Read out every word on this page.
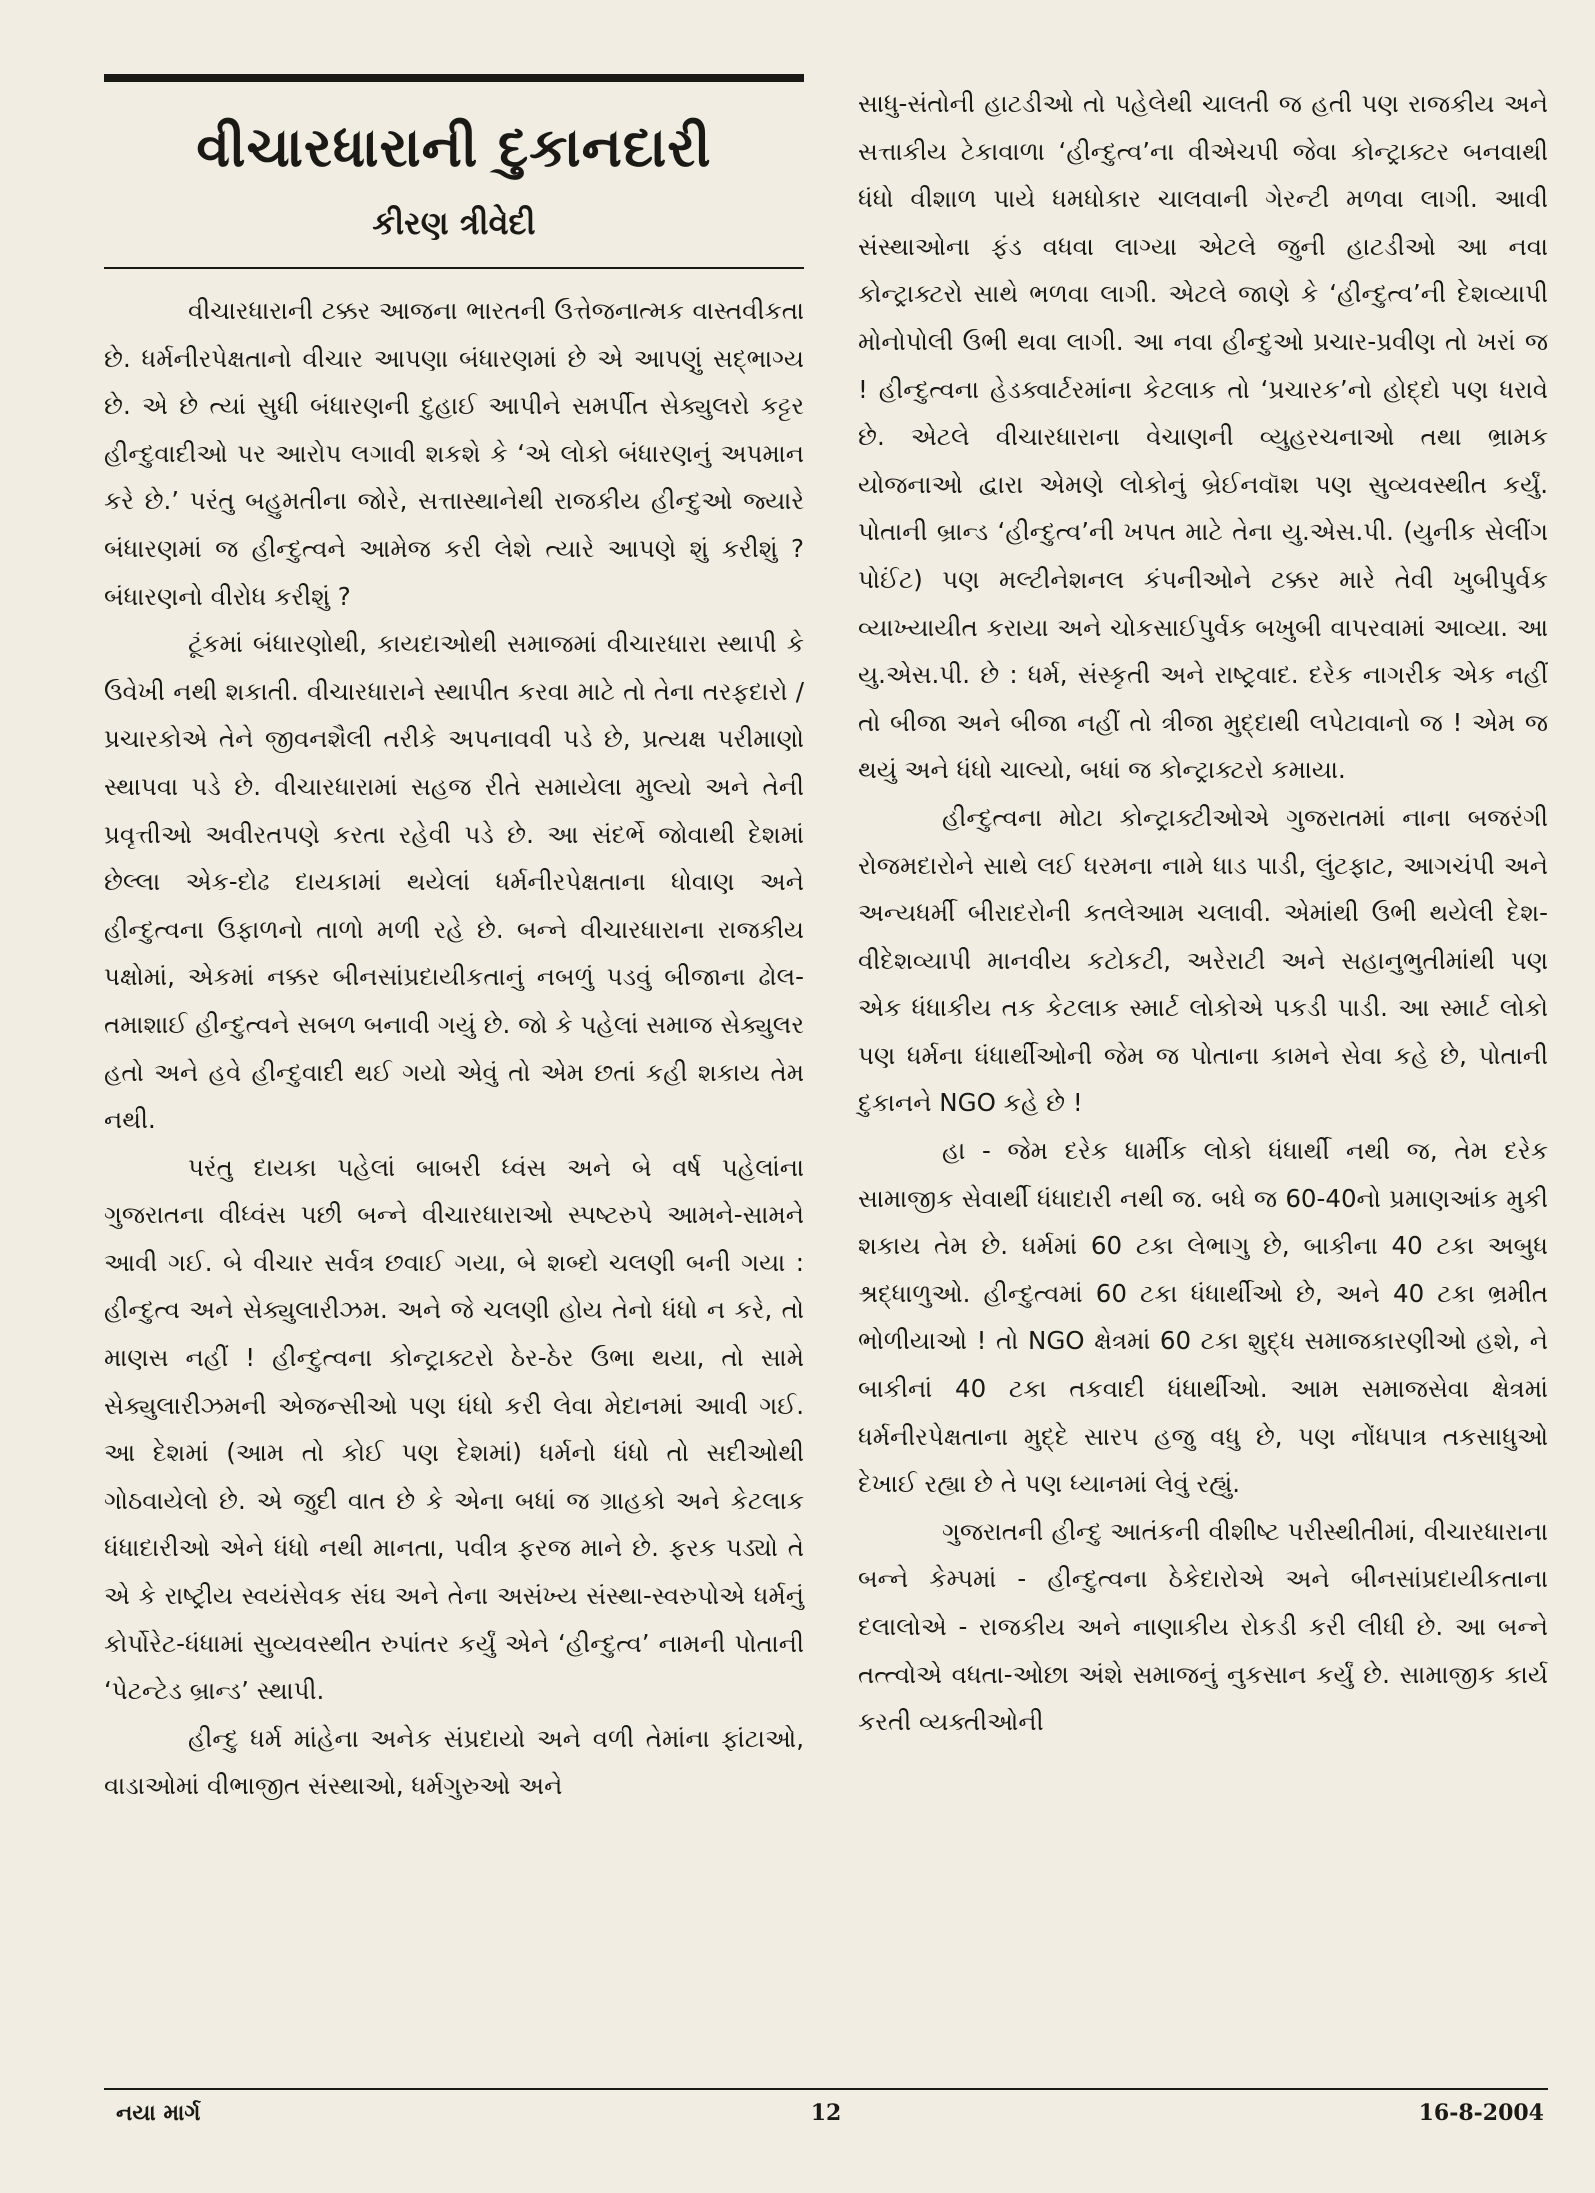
વીચારધારાની દુકાનદારી
કીરણ ત્રીવેદી

વીચારધારાની ટક્કર આજના ભારતની ઉત્તેજનાત્મક વાસ્તવીકતા છે. ધર્મનીરપેક્ષતાનો વીચાર આપણા બંધારણમાં છે એ આપણું સદ્ભાગ્ય છે. એ છે ત્યાં સુધી બંધારણની દુહાઈ આપીને સમર્પીત સેક્યુલરો કટ્ટર હીન્દુવાદીઓ પર આરોપ લગાવી શકશે કે ‘એ લોકો બંધારણનું અપમાન કરે છે.’ પરંતુ બહુમતીના જોરે, સત્તાસ્થાનેથી રાજકીય હીન્દુઓ જ્યારે બંધારણમાં જ હીન્દુત્વને આમેજ કરી લેશે ત્યારે આપણે શું કરીશું ? બંધારણનો વીરોધ કરીશું ?

ટૂંકમાં બંધારણોથી, કાયદાઓથી સમાજમાં વીચારધારા સ્થાપી કે ઉવેખી નથી શકાતી. વીચારધારાને સ્થાપીત કરવા માટે તો તેના તરફદારો / પ્રચારકોએ તેને જીવનશૈલી તરીકે અપનાવવી પડે છે, પ્રત્યક્ષ પરીમાણો સ્થાપવા પડે છે. વીચારધારામાં સહજ રીતે સમાયેલા મુલ્યો અને તેની પ્રવૃત્તીઓ અવીરતપણે કરતા રહેવી પડે છે. આ સંદર્ભે જોવાથી દેશમાં છેલ્લા એક-દોઢ દાયકામાં થયેલાં ધર્મનીરપેક્ષતાના ધોવાણ અને હીન્દુત્વના ઉફાળનો તાળો મળી રહે છે. બન્ને વીચારધારાના રાજકીય પક્ષોમાં, એકમાં નક્કર બીનસાંપ્રદાયીકતાનું નબળું પડવું બીજાના ઢોલ-તમાશાઈ હીન્દુત્વને સબળ બનાવી ગયું છે. જો કે પહેલાં સમાજ સેક્યુલર હતો અને હવે હીન્દુવાદી થઈ ગયો એવું તો એમ છતાં કહી શકાય તેમ નથી.

પરંતુ દાયકા પહેલાં બાબરી ધ્વંસ અને બે વર્ષ પહેલાંના ગુજરાતના વીધ્વંસ પછી બન્ને વીચારધારાઓ સ્પષ્ટરુપે આમને-સામને આવી ગઈ. બે વીચાર સર્વત્ર છવાઈ ગયા, બે શબ્દો ચલણી બની ગયા : હીન્દુત્વ અને સેક્યુલારીઝમ. અને જે ચલણી હોય તેનો ધંધો ન કરે, તો માણસ નહીં ! હીન્દુત્વના કોન્ટ્રાક્ટરો ઠેર-ઠેર ઉભા થયા, તો સામે સેક્યુલારીઝમની એજન્સીઓ પણ ધંધો કરી લેવા મેદાનમાં આવી ગઈ. આ દેશમાં (આમ તો કોઈ પણ દેશમાં) ધર્મનો ધંધો તો સદીઓથી ગોઠવાયેલો છે. એ જુદી વાત છે કે એના બધાં જ ગ્રાહકો અને કેટલાક ધંધાદારીઓ એને ધંધો નથી માનતા, પવીત્ર ફરજ માને છે. ફરક પડ્યો તે એ કે રાષ્ટ્રીય સ્વયંસેવક સંઘ અને તેના અસંખ્ય સંસ્થા-સ્વરુપોએ ધર્મનું કોર્પોરેટ-ધંધામાં સુવ્યવસ્થીત રુપાંતર કર્યું એને ‘હીન્દુત્વ’ નામની પોતાની ‘પેટન્ટેડ બ્રાન્ડ’ સ્થાપી.

હીન્દુ ધર્મ માંહેના અનેક સંપ્રદાયો અને વળી તેમાંના ફાંટાઓ, વાડાઓમાં વીભાજીત સંસ્થાઓ, ધર્મગુરુઓ અને

સાધુ-સંતોની હાટડીઓ તો પહેલેથી ચાલતી જ હતી પણ રાજકીય અને સત્તાકીય ટેકાવાળા ‘હીન્દુત્વ’ના વીએચપી જેવા કોન્ટ્રાક્ટર બનવાથી ધંધો વીશાળ પાયે ધમધોકાર ચાલવાની ગેરન્ટી મળવા લાગી. આવી સંસ્થાઓના ફંડ વધવા લાગ્યા એટલે જુની હાટડીઓ આ નવા કોન્ટ્રાક્ટરો સાથે ભળવા લાગી. એટલે જાણે કે ‘હીન્દુત્વ’ની દેશવ્યાપી મોનોપોલી ઉભી થવા લાગી. આ નવા હીન્દુઓ પ્રચાર-પ્રવીણ તો ખરાં જ ! હીન્દુત્વના હેડક્વાર્ટરમાંના કેટલાક તો ‘પ્રચારક’નો હોદ્દો પણ ધરાવે છે. એટલે વીચારધારાના વેચાણની વ્યુહરચનાઓ તથા ભ્રામક યોજનાઓ દ્વારા એમણે લોકોનું બ્રેઈનવૉશ પણ સુવ્યવસ્થીત કર્યું. પોતાની બ્રાન્ડ ‘હીન્દુત્વ’ની ખપત માટે તેના યુ.એસ.પી. (યુનીક સેલીંગ પોઈંટ) પણ મલ્ટીનેશનલ કંપનીઓને ટક્કર મારે તેવી ખુબીપુર્વક વ્યાખ્યાયીત કરાયા અને ચોકસાઈપુર્વક બખુબી વાપરવામાં આવ્યા. આ યુ.એસ.પી. છે : ધર્મ, સંસ્કૃતી અને રાષ્ટ્રવાદ. દરેક નાગરીક એક નહીં તો બીજા અને બીજા નહીં તો ત્રીજા મુદ્દાથી લપેટાવાનો જ ! એમ જ થયું અને ધંધો ચાલ્યો, બધાં જ કોન્ટ્રાક્ટરો કમાયા.

હીન્દુત્વના મોટા કોન્ટ્રાક્ટીઓએ ગુજરાતમાં નાના બજરંગી રોજમદારોને સાથે લઈ ધરમના નામે ધાડ પાડી, લુંટફાટ, આગચંપી અને અન્યધર્મી બીરાદરોની કતલેઆમ ચલાવી. એમાંથી ઉભી થયેલી દેશ-વીદેશવ્યાપી માનવીય કટોકટી, અરેરાટી અને સહાનુભુતીમાંથી પણ એક ધંધાકીય તક કેટલાક સ્માર્ટ લોકોએ પકડી પાડી. આ સ્માર્ટ લોકો પણ ધર્મના ધંધાર્થીઓની જેમ જ પોતાના કામને સેવા કહે છે, પોતાની દુકાનને NGO કહે છે !

હા - જેમ દરેક ધાર્મીક લોકો ધંધાર્થી નથી જ, તેમ દરેક સામાજીક સેવાર્થી ધંધાદારી નથી જ. બધે જ 60-40નો પ્રમાણઆંક મુકી શકાય તેમ છે. ધર્મમાં 60 ટકા લેભાગુ છે, બાકીના 40 ટકા અબુધ શ્રદ્ધાળુઓ. હીન્દુત્વમાં 60 ટકા ધંધાર્થીઓ છે, અને 40 ટકા ભ્રમીત ભોળીયાઓ ! તો NGO ક્ષેત્રમાં 60 ટકા શુદ્ધ સમાજકારણીઓ હશે, ને બાકીનાં 40 ટકા તકવાદી ધંધાર્થીઓ. આમ સમાજસેવા ક્ષેત્રમાં ધર્મનીરપેક્ષતાના મુદ્દે સારપ હજુ વધુ છે, પણ નોંધપાત્ર તકસાધુઓ દેખાઈ રહ્યા છે તે પણ ધ્યાનમાં લેવું રહ્યું.

ગુજરાતની હીન્દુ આતંકની વીશીષ્ટ પરીસ્થીતીમાં, વીચારધારાના બન્ને કેમ્પમાં - હીન્દુત્વના ઠેકેદારોએ અને બીનસાંપ્રદાયીકતાના દલાલોએ - રાજકીય અને નાણાકીય રોકડી કરી લીધી છે. આ બન્ને તત્ત્વોએ વધતા-ઓછા અંશે સમાજનું નુકસાન કર્યું છે. સામાજીક કાર્ય કરતી વ્યક્તીઓની

નયા માર્ગ	12	16-8-2004
